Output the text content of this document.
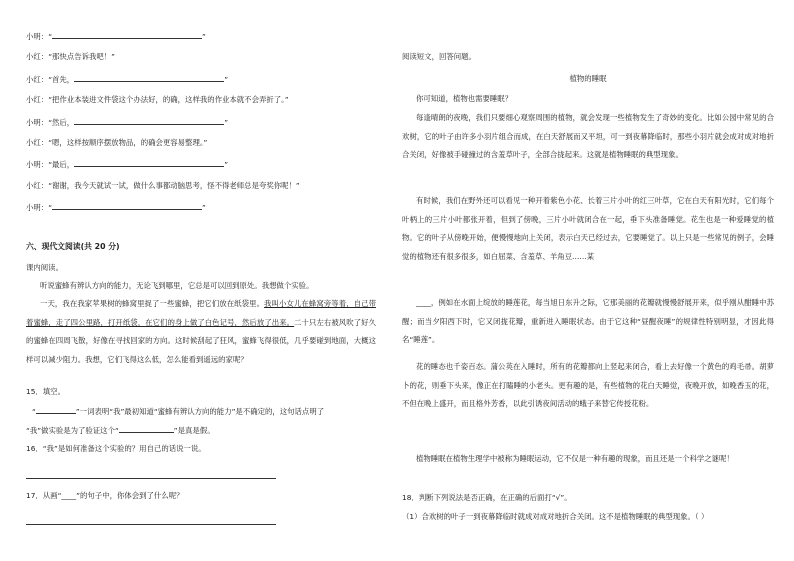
小明：“	”
小红：“那快点告诉我吧！”
小红：“首先，	”
小红：“把作业本装进文件袋这个办法好，的确，这样我的作业本就不会弄折了。”
小明：“然后，	”
小红：“嗯，这样按顺序摆放物品，的确会更容易整理。”
小明：“最后，	”
小红：“谢谢，我今天就试一试，做什么事都动脑思考，怪不得老师总是夸奖你呢！”
小明：“	”
六、现代文阅读(共 20 分)
课内阅读。
听说蜜蜂有辨认方向的能力，无论飞到哪里，它总是可以回到原处。我想做个实验。
一天，我在我家苹果树的蜂窝里捉了一些蜜蜂，把它们放在纸袋里。我叫小女儿在蜂窝旁等着，自己带着蜜蜂，走了四公里路，打开纸袋，在它们的身上做了白色记号，然后放了出来。二十只左右被风吹了好久的蜜蜂在四周飞散，好像在寻找回家的方向。这时候刮起了狂风，蜜蜂飞得很低，几乎要碰到地面，大概这样可以减少阻力。我想，它们飞得这么低，怎么能看到遥远的家呢？
15．填空。
“	”一词表明“我”最初知道“蜜蜂有辨认方向的能力”是不确定的，这句话点明了
“我”做实验是为了验证这个“	”是真是假。
16．“我”是如何准备这个实验的？用自己的话说一说。
17．从画“____”的句子中，你体会到了什么呢？
阅读短文，回答问题。
植物的睡眠
你可知道，植物也需要睡眠？
每逢晴朗的夜晚，我们只要细心观察周围的植物，就会发现一些植物发生了奇妙的变化。比如公园中常见的合欢树，它的叶子由许多小羽片组合而成，在白天舒展而又平坦，可一到夜幕降临时，那些小羽片就会成对成对地折合关闭，好像被手碰撞过的含羞草叶子，全部合拢起来。这就是植物睡眠的典型现象。
有时候，我们在野外还可以看见一种开着紫色小花、长着三片小叶的红三叶草，它在白天有阳光时，它们每个叶柄上的三片小叶都张开着，但到了傍晚，三片小叶就闭合在一起，垂下头准备睡觉。花生也是一种爱睡觉的植物。它的叶子从傍晚开始，便慢慢地向上关闭，表示白天已经过去，它要睡觉了。以上只是一些常见的例子，会睡觉的植物还有很多很多，如白屈菜、含羞草、羊角豆……某
____，例如在水面上绽放的睡莲花，每当旭日东升之际，它那美丽的花瓣就慢慢舒展开来，似乎刚从酣睡中苏醒；而当夕阳西下时，它又闭拢花瓣，重新进入睡眠状态。由于它这种“昼醒夜睡”的规律性特别明显，才因此得名“睡莲”。
花的睡态也千姿百态。蒲公英在入睡时，所有的花瓣都向上竖起来闭合，看上去好像一个黄色的鸡毛帚。胡萝卜的花，则垂下头来，像正在打瞌睡的小老头。更有趣的是，有些植物的花白天睡觉，夜晚开放，如晚香玉的花，不但在晚上盛开，而且格外芳香，以此引诱夜间活动的蛾子来替它传授花粉。
植物睡眠在植物生理学中被称为睡眠运动，它不仅是一种有趣的现象，而且还是一个科学之谜呢！
18．判断下列说法是否正确，在正确的后面打“√”。
（1）合欢树的叶子一到夜幕降临时就成对成对地折合关闭。这不是植物睡眠的典型现象。（ ）
